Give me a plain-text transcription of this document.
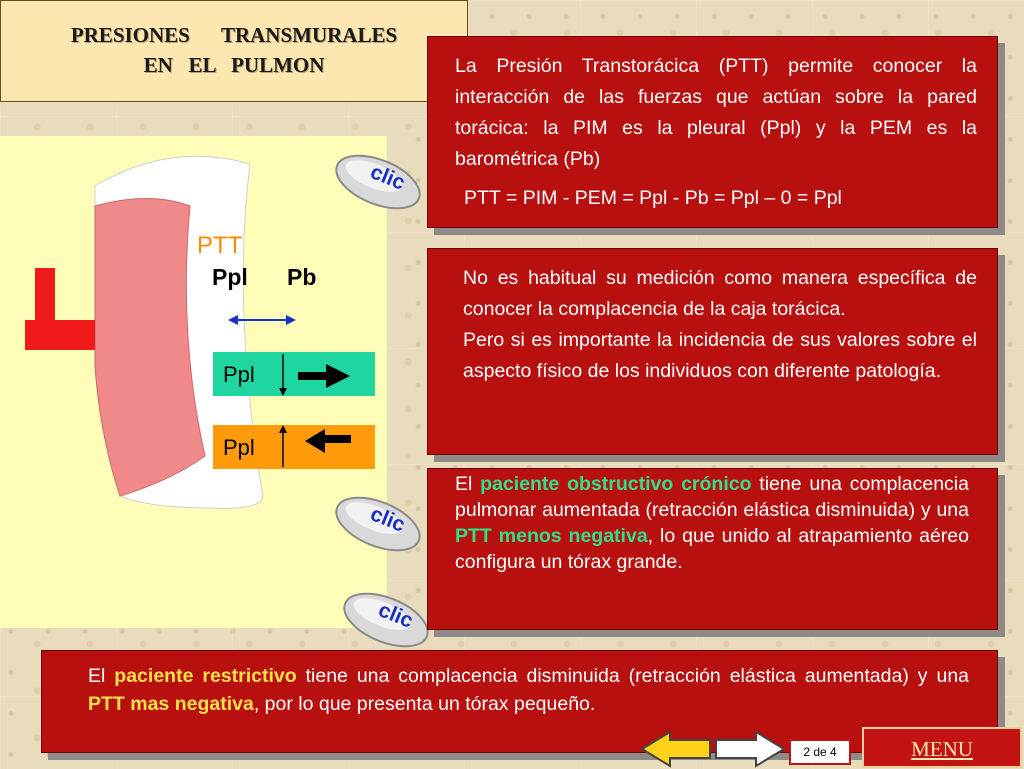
PRESIONES      TRANSMURALES
EN   EL   PULMON
PTT
Ppl Pb
Ppl
Ppl
clic
clic
clic

La Presión Transtorácica (PTT) permite conocer la interacción de las fuerzas que actúan sobre la pared torácica: la PIM es la pleural (Ppl) y la PEM es la barométrica (Pb)

PTT = PIM - PEM = Ppl - Pb = Ppl – 0 = Ppl

No es habitual su medición como manera específica de conocer la complacencia de la caja torácica.

Pero si es importante la incidencia de sus valores sobre el aspecto físico de los individuos con diferente patología.

El paciente obstructivo crónico tiene una complacencia pulmonar aumentada (retracción elástica disminuida) y una PTT menos negativa, lo que unido al atrapamiento aéreo configura un tórax grande.

El paciente restrictivo tiene una complacencia disminuida (retracción elástica aumentada) y una PTT mas negativa, por lo que presenta un tórax pequeño.

2 de 4	MENU
